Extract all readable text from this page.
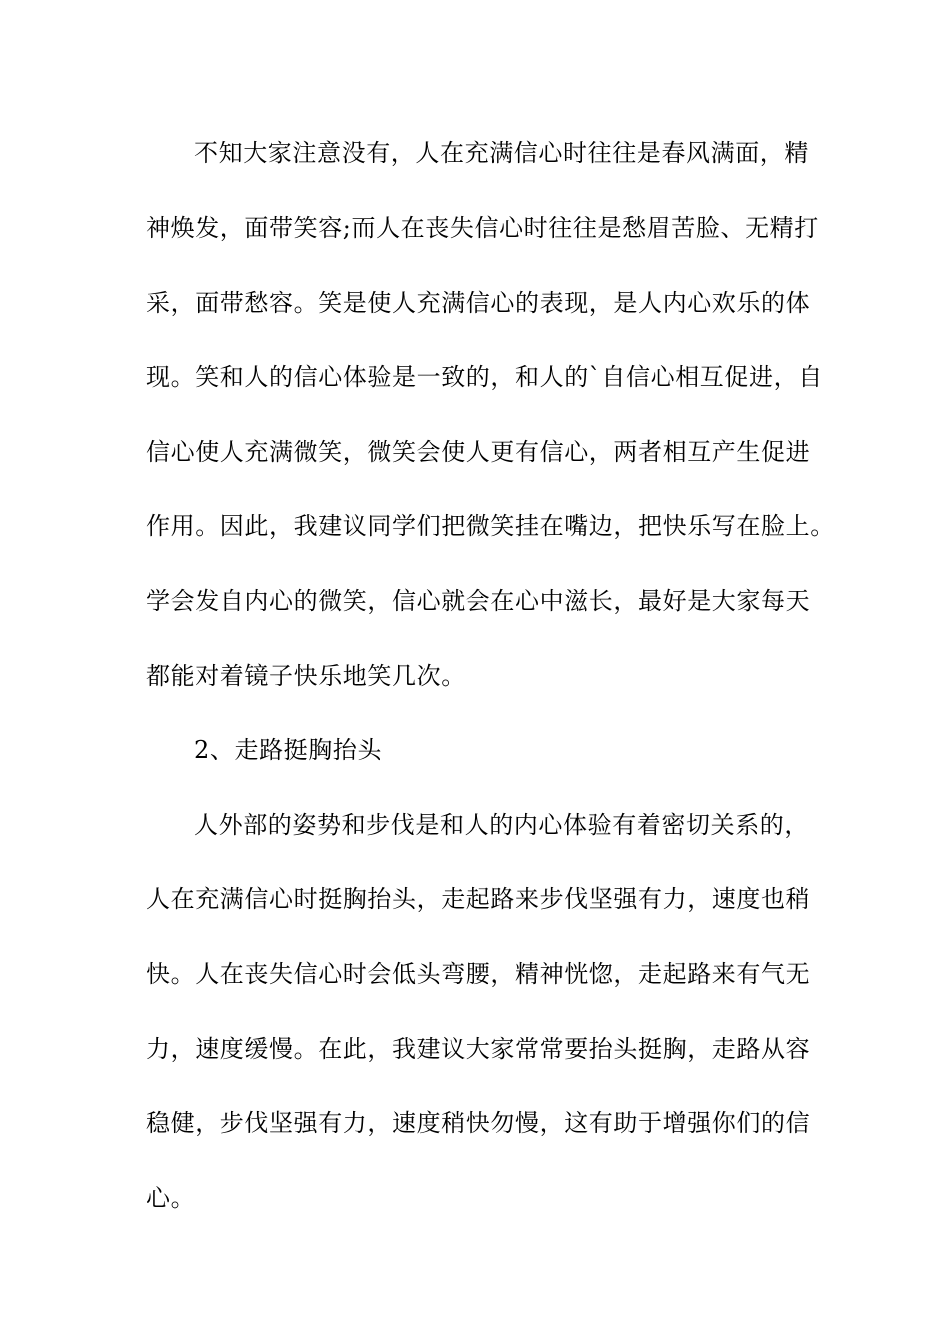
不知大家注意没有，人在充满信心时往往是春风满面，精
神焕发，面带笑容;而人在丧失信心时往往是愁眉苦脸、无精打
采，面带愁容。笑是使人充满信心的表现，是人内心欢乐的体
现。笑和人的信心体验是一致的，和人的`自信心相互促进，自
信心使人充满微笑，微笑会使人更有信心，两者相互产生促进
作用。因此，我建议同学们把微笑挂在嘴边，把快乐写在脸上。
学会发自内心的微笑，信心就会在心中滋长，最好是大家每天
都能对着镜子快乐地笑几次。
2、走路挺胸抬头
人外部的姿势和步伐是和人的内心体验有着密切关系的，
人在充满信心时挺胸抬头，走起路来步伐坚强有力，速度也稍
快。人在丧失信心时会低头弯腰，精神恍惚，走起路来有气无
力，速度缓慢。在此，我建议大家常常要抬头挺胸，走路从容
稳健，步伐坚强有力，速度稍快勿慢，这有助于增强你们的信
心。
